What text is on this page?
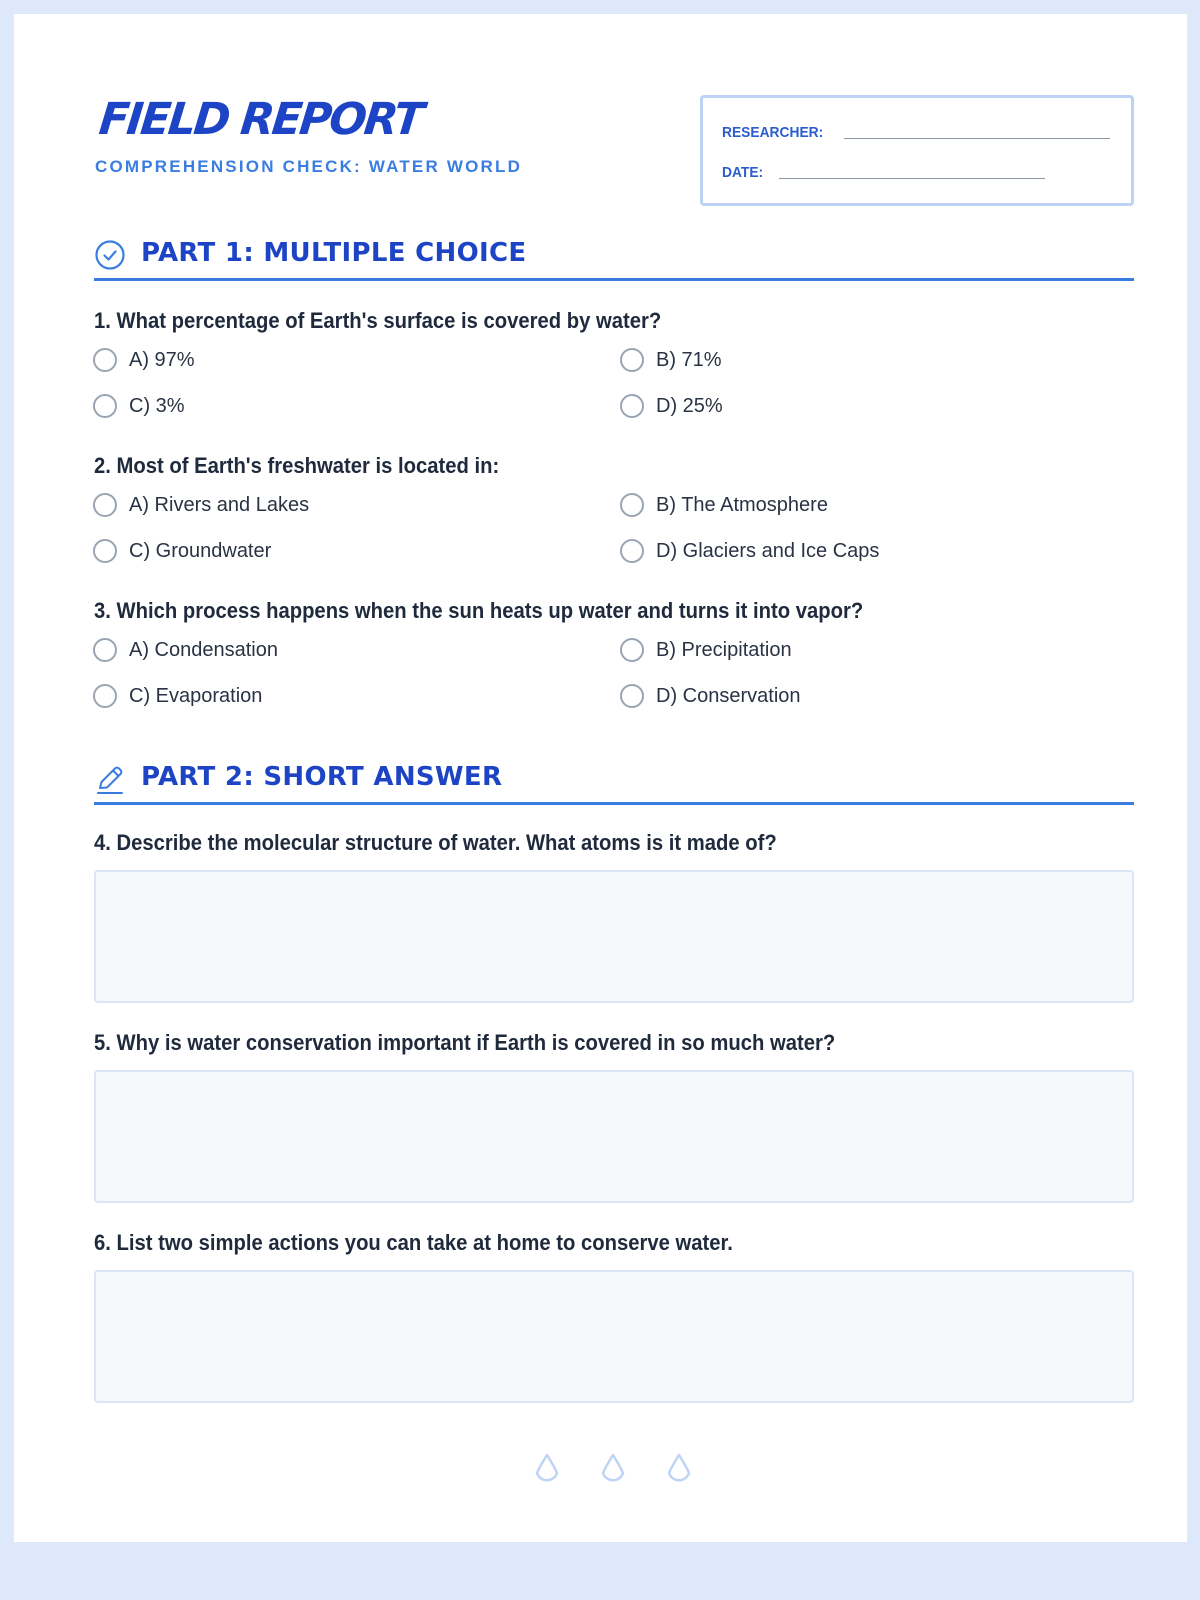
FIELD REPORT
COMPREHENSION CHECK: WATER WORLD
RESEARCHER:
DATE:
PART 1: MULTIPLE CHOICE
1. What percentage of Earth's surface is covered by water?
A) 97%	B) 71%
C) 3%	D) 25%
2. Most of Earth's freshwater is located in:
A) Rivers and Lakes	B) The Atmosphere
C) Groundwater	D) Glaciers and Ice Caps
3. Which process happens when the sun heats up water and turns it into vapor?
A) Condensation	B) Precipitation
C) Evaporation	D) Conservation
PART 2: SHORT ANSWER
4. Describe the molecular structure of water. What atoms is it made of?
5. Why is water conservation important if Earth is covered in so much water?
6. List two simple actions you can take at home to conserve water.
